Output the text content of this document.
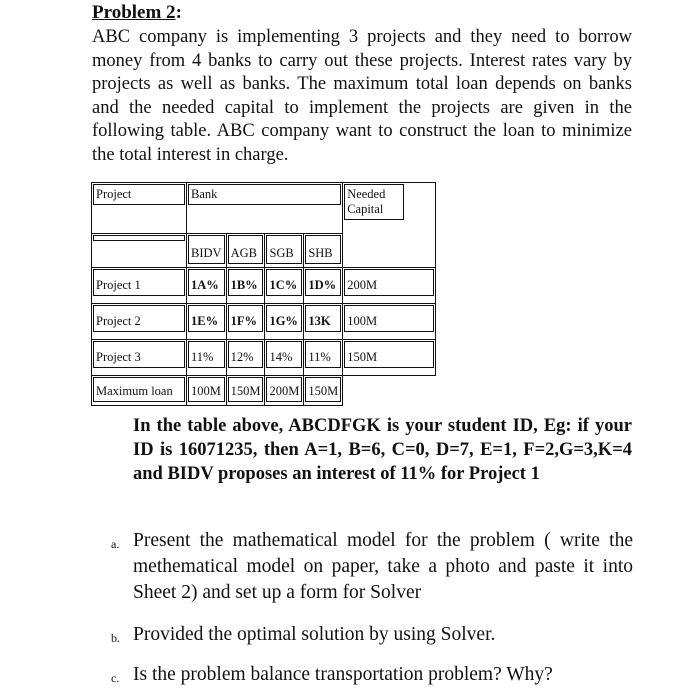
Problem 2:
ABC company is implementing 3 projects and they need to borrow money from 4 banks to carry out these projects. Interest rates vary by projects as well as banks. The maximum total loan depends on banks and the needed capital to implement the projects are given in the following table. ABC company want to construct the loan to minimize the total interest in charge.
Project	Bank				Needed Capital

	BIDV	AGB	SGB	SHB	

Project 1	1A%	1B%	1C%	1D%	200M

Project 2	1E%	1F%	1G%	13K	100M

Project 3	11%	12%	14%	11%	150M

Maximum loan	100M	150M	200M	150M	

In the table above, ABCDFGK is your student ID, Eg: if your ID is 16071235, then A=1, B=6, C=0, D=7, E=1, F=2,G=3,K=4 and BIDV proposes an interest of 11% for Project 1
a. Present the mathematical model for the problem ( write the methematical model on paper, take a photo and paste it into Sheet 2) and set up a form for Solver
b. Provided the optimal solution by using Solver.
c. Is the problem balance transportation problem? Why?
